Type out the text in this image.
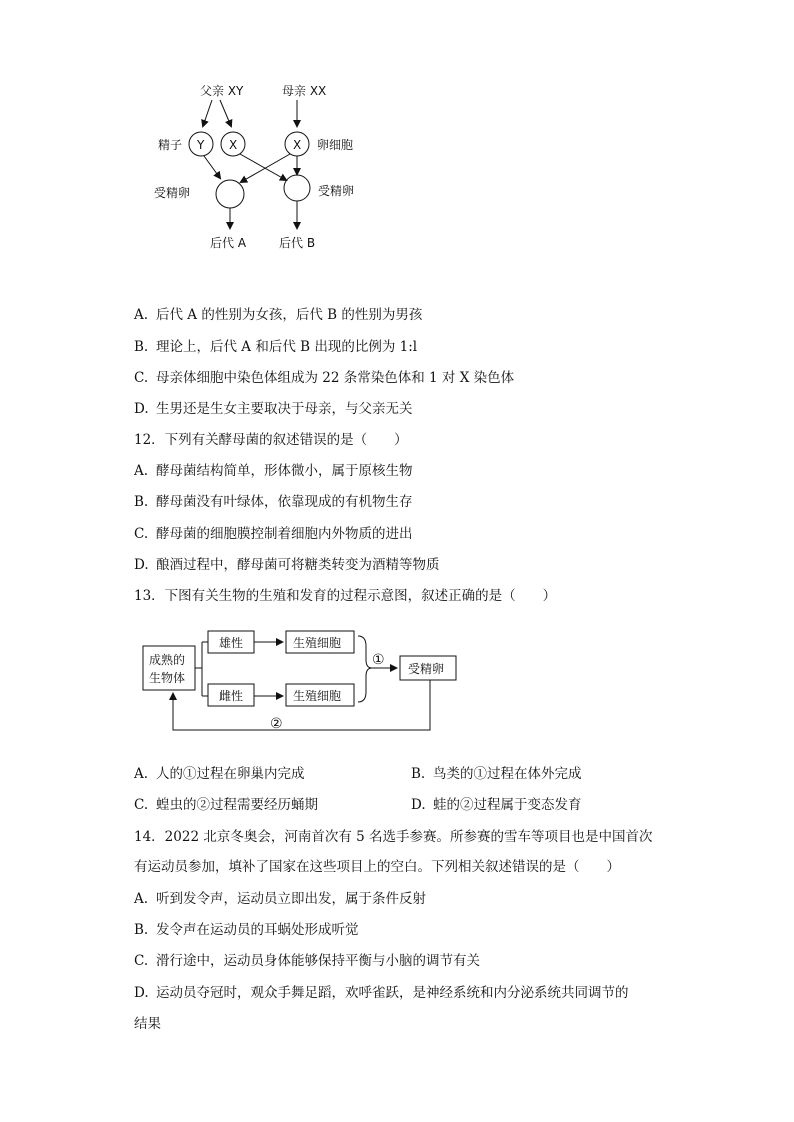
父亲 XY	母亲 XX
精子 Y X	X 卵细胞
受精卵	受精卵
后代 A	后代 B
A. 后代 A 的性别为女孩，后代 B 的性别为男孩
B. 理论上，后代 A 和后代 B 出现的比例为 1:l
C. 母亲体细胞中染色体组成为 22 条常染色体和 1 对 X 染色体
D. 生男还是生女主要取决于母亲，与父亲无关
12．下列有关酵母菌的叙述错误的是（　　）
A. 酵母菌结构简单，形体微小，属于原核生物
B. 酵母菌没有叶绿体，依靠现成的有机物生存
C. 酵母菌的细胞膜控制着细胞内外物质的进出
D. 酿酒过程中，酵母菌可将糖类转变为酒精等物质
13．下图有关生物的生殖和发育的过程示意图，叙述正确的是（　　）
成熟的
生物体
雄性
雌性
生殖细胞
生殖细胞
①
受精卵
②
A. 人的①过程在卵巢内完成	B. 鸟类的①过程在体外完成
C. 蝗虫的②过程需要经历蛹期	D. 蛙的②过程属于变态发育
14．2022 北京冬奥会，河南首次有 5 名选手参赛。所参赛的雪车等项目也是中国首次
有运动员参加，填补了国家在这些项目上的空白。下列相关叙述错误的是（　　）
A. 听到发令声，运动员立即出发，属于条件反射
B. 发令声在运动员的耳蜗处形成听觉
C. 滑行途中，运动员身体能够保持平衡与小脑的调节有关
D. 运动员夺冠时，观众手舞足蹈，欢呼雀跃，是神经系统和内分泌系统共同调节的
结果
